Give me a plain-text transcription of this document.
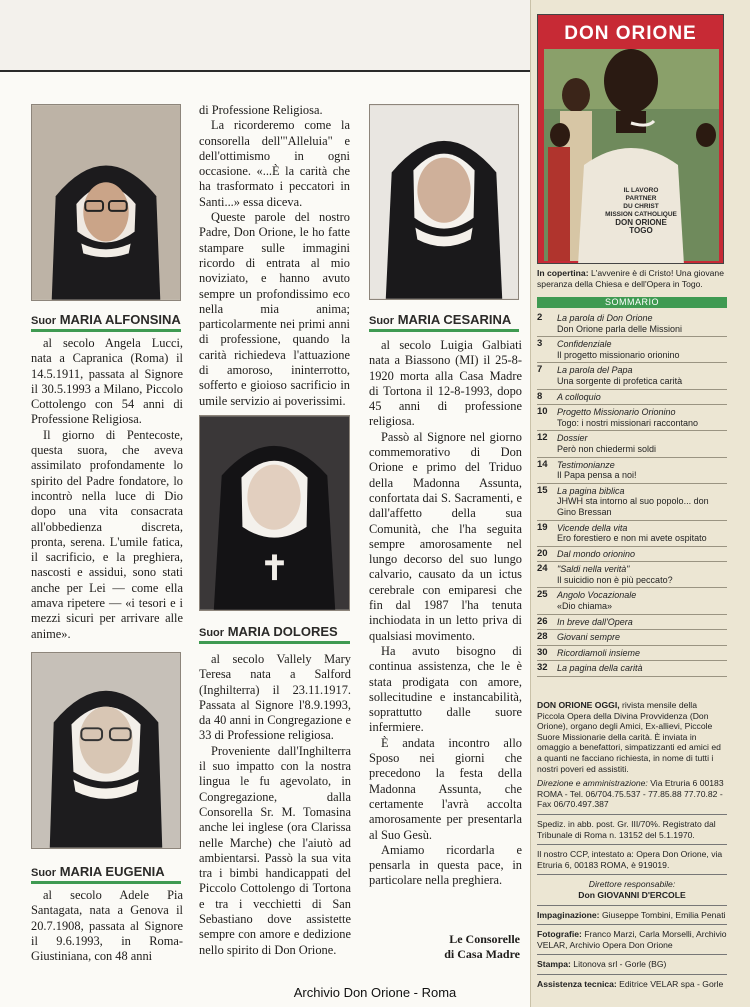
Suor MARIA ALFONSINA

al secolo Angela Lucci, nata a Capranica (Roma) il 14.5.1911, passata al Signore il 30.5.1993 a Milano, Piccolo Cottolengo con 54 anni di Professione Religiosa.

Il giorno di Pentecoste, questa suora, che aveva assimilato profondamente lo spirito del Padre fondatore, lo incontrò nella luce di Dio dopo una vita consacrata all'obbedienza discreta, pronta, serena. L'umile fatica, il sacrificio, e la preghiera, nascosti e assidui, sono stati anche per Lei — come ella amava ripetere — «i tesori e i mezzi sicuri per arrivare alle anime».

Suor MARIA EUGENIA

al secolo Adele Pia Santagata, nata a Genova il 20.7.1908, passata al Signore il 9.6.1993, in Roma-Giustiniana, con 48 anni

di Professione Religiosa.

La ricorderemo come la consorella dell'"Alleluia" e dell'ottimismo in ogni occasione. «...È la carità che ha trasformato i peccatori in Santi...» essa diceva.

Queste parole del nostro Padre, Don Orione, le ho fatte stampare sulle immagini ricordo di entrata al mio noviziato, e hanno avuto sempre un profondissimo eco nella mia anima; particolarmente nei primi anni di professione, quando la carità richiedeva l'attuazione di amoroso, ininterrotto, sofferto e gioioso sacrificio in umile servizio ai poverissimi.

Suor MARIA DOLORES

al secolo Vallely Mary Teresa nata a Salford (Inghilterra) il 23.11.1917. Passata al Signore l'8.9.1993, da 40 anni in Congregazione e 33 di Professione religiosa.

Proveniente dall'Inghilterra il suo impatto con la nostra lingua le fu agevolato, in Congregazione, dalla Consorella Sr. M. Tomasina anche lei inglese (ora Clarissa nelle Marche) che l'aiutò ad ambientarsi. Passò la sua vita tra i bimbi handicappati del Piccolo Cottolengo di Tortona e tra i vecchietti di San Sebastiano dove assistette sempre con amore e dedizione nello spirito di Don Orione.

Suor MARIA CESARINA

al secolo Luigia Galbiati nata a Biassono (MI) il 25-8-1920 morta alla Casa Madre di Tortona il 12-8-1993, dopo 45 anni di professione religiosa.

Passò al Signore nel giorno commemorativo di Don Orione e primo del Triduo della Madonna Assunta, confortata dai S. Sacramenti, e dall'affetto della sua Comunità, che l'ha seguita sempre amorosamente nel lungo decorso del suo lungo calvario, causato da un ictus cerebrale con emiparesi che fin dal 1987 l'ha tenuta inchiodata in un letto priva di qualsiasi movimento.

Ha avuto bisogno di continua assistenza, che le è stata prodigata con amore, sollecitudine e instancabilità, soprattutto dalle suore infermiere.

È andata incontro allo Sposo nei giorni che precedono la festa della Madonna Assunta, che certamente l'avrà accolta amorosamente per presentarla al Suo Gesù.

Amiamo ricordarla e pensarla in questa pace, in particolare nella preghiera.

Le Consorelle
di Casa Madre
DON ORIONE
IL LAVORO
PARTNER
DU CHRIST
MISSION CATHOLIQUE
DON ORIONE
TOGO
In copertina: L'avvenire è di Cristo! Una giovane speranza della Chiesa e dell'Opera in Togo.
SOMMARIO
2	La parola di Don Orione
Don Orione parla delle Missioni
3	Confidenziale
Il progetto missionario orionino
7	La parola del Papa
Una sorgente di profetica carità
8	A colloquio
10	Progetto Missionario Orionino
Togo: i nostri missionari raccontano
12	Dossier
Però non chiedermi soldi
14	Testimonianze
Il Papa pensa a noi!
15	La pagina biblica
JHWH sta intorno al suo popolo... don Gino Bressan
19	Vicende della vita
Ero forestiero e non mi avete ospitato
20	Dal mondo orionino
24	"Saldi nella verità"
Il suicidio non è più peccato?
25	Angolo Vocazionale
«Dio chiama»
26	In breve dall'Opera
28	Giovani sempre
30	Ricordiamoli insieme
32	La pagina della carità

DON ORIONE OGGI, rivista mensile della Piccola Opera della Divina Provvidenza (Don Orione), organo degli Amici, Ex-allievi, Piccole Suore Missionarie della carità. È inviata in omaggio a benefattori, simpatizzanti ed amici ed a quanti ne facciano richiesta, in nome di tutti i nostri poveri ed assistiti.

Direzione e amministrazione: Via Etruria 6 00183 ROMA - Tel. 06/704.75.537 - 77.85.88 77.70.82 - Fax 06/70.497.387

Spediz. in abb. post. Gr. III/70%. Registrato dal Tribunale di Roma n. 13152 del 5.1.1970.

Il nostro CCP, intestato a: Opera Don Orione, via Etruria 6, 00183 ROMA, è 919019.

Direttore responsabile:

Don GIOVANNI D'ERCOLE

Impaginazione: Giuseppe Tombini, Emilia Penati

Fotografie: Franco Marzi, Carla Morselli, Archivio VELAR, Archivio Opera Don Orione

Stampa: Litonova srl - Gorle (BG)

Assistenza tecnica: Editrice VELAR spa - Gorle

Archivio Don Orione - Roma
